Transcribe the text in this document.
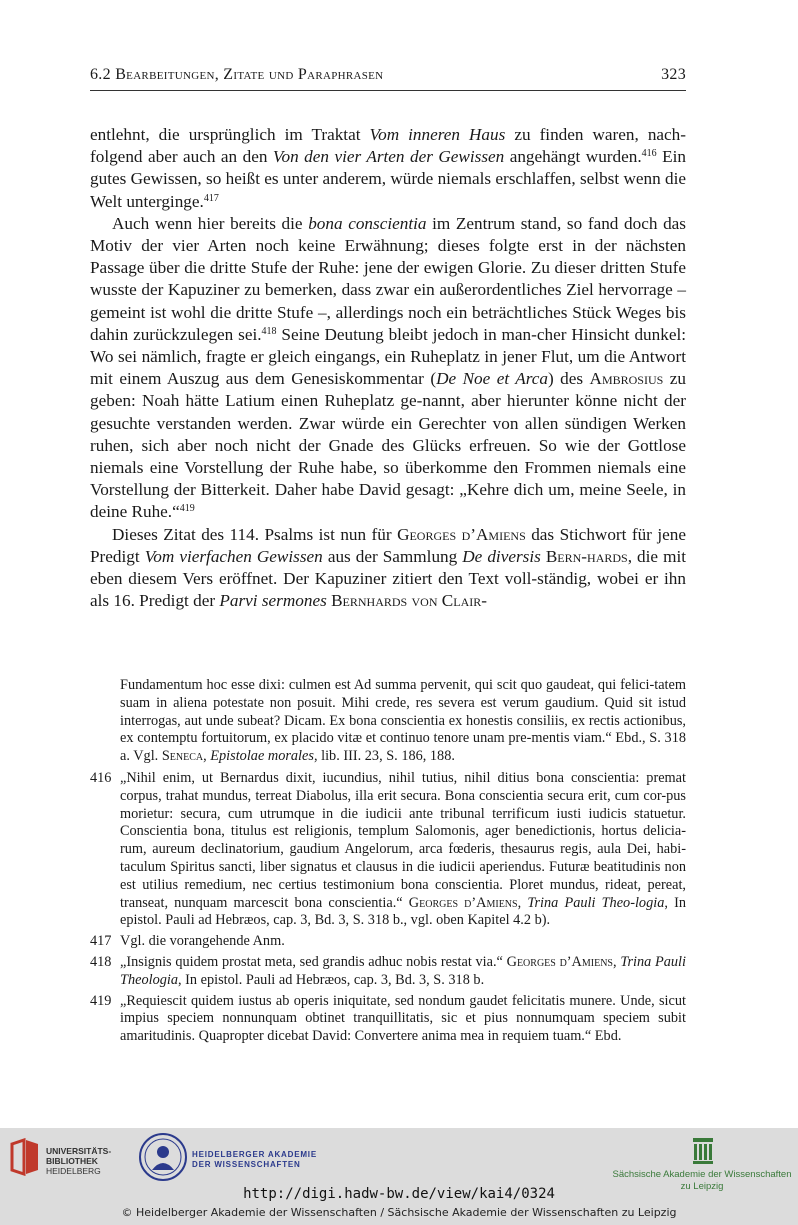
6.2 Bearbeitungen, Zitate und Paraphrasen	323

entlehnt, die ursprünglich im Traktat Vom inneren Haus zu finden waren, nach-folgend aber auch an den Von den vier Arten der Gewissen angehängt wurden.$^{416}$ Ein gutes Gewissen, so heißt es unter anderem, würde niemals erschlaffen, selbst wenn die Welt unterginge.$^{417}$

Auch wenn hier bereits die bona conscientia im Zentrum stand, so fand doch das Motiv der vier Arten noch keine Erwähnung; dieses folgte erst in der nächsten Passage über die dritte Stufe der Ruhe: jene der ewigen Glorie. Zu dieser dritten Stufe wusste der Kapuziner zu bemerken, dass zwar ein außerordentliches Ziel hervorrage – gemeint ist wohl die dritte Stufe –, allerdings noch ein beträchtliches Stück Weges bis dahin zurückzulegen sei.$^{418}$ Seine Deutung bleibt jedoch in man-cher Hinsicht dunkel: Wo sei nämlich, fragte er gleich eingangs, ein Ruheplatz in jener Flut, um die Antwort mit einem Auszug aus dem Genesiskommentar (De Noe et Arca) des Ambrosius zu geben: Noah hätte Latium einen Ruheplatz ge-nannt, aber hierunter könne nicht der gesuchte verstanden werden. Zwar würde ein Gerechter von allen sündigen Werken ruhen, sich aber noch nicht der Gnade des Glücks erfreuen. So wie der Gottlose niemals eine Vorstellung der Ruhe habe, so überkomme den Frommen niemals eine Vorstellung der Bitterkeit. Daher habe David gesagt: „Kehre dich um, meine Seele, in deine Ruhe.“$^{419}$

Dieses Zitat des 114. Psalms ist nun für Georges d’Amiens das Stichwort für jene Predigt Vom vierfachen Gewissen aus der Sammlung De diversis Bern-hards, die mit eben diesem Vers eröffnet. Der Kapuziner zitiert den Text voll-ständig, wobei er ihn als 16. Predigt der Parvi sermones Bernhards von Clair-

Fundamentum hoc esse dixi: culmen est Ad summa pervenit, qui scit quo gaudeat, qui felici-tatem suam in aliena potestate non posuit. Mihi crede, res severa est verum gaudium. Quid sit istud interrogas, aut unde subeat? Dicam. Ex bona conscientia ex honestis consiliis, ex rectis actionibus, ex contemptu fortuitorum, ex placido vitæ et continuo tenore unam pre-mentis viam.“ Ebd., S. 318 a. Vgl. Seneca, Epistolae morales, lib. III. 23, S. 186, 188.
416 „Nihil enim, ut Bernardus dixit, iucundius, nihil tutius, nihil ditius bona conscientia: premat corpus, trahat mundus, terreat Diabolus, illa erit secura. Bona conscientia secura erit, cum cor-pus morietur: secura, cum utrumque in die iudicii ante tribunal terrificum iusti iudicis statuetur. Conscientia bona, titulus est religionis, templum Salomonis, ager benedictionis, hortus delicia-rum, aureum declinatorium, gaudium Angelorum, arca fœderis, thesaurus regis, aula Dei, habi-taculum Spiritus sancti, liber signatus et clausus in die iudicii aperiendus. Futuræ beatitudinis non est utilius remedium, nec certius testimonium bona conscientia. Ploret mundus, rideat, pereat, transeat, nunquam marcescit bona conscientia.“ Georges d’Amiens, Trina Pauli Theo-logia, In epistol. Pauli ad Hebræos, cap. 3, Bd. 3, S. 318 b., vgl. oben Kapitel 4.2 b).
417 Vgl. die vorangehende Anm.
418 „Insignis quidem prostat meta, sed grandis adhuc nobis restat via.“ Georges d’Amiens, Trina Pauli Theologia, In epistol. Pauli ad Hebræos, cap. 3, Bd. 3, S. 318 b.
419 „Requiescit quidem iustus ab operis iniquitate, sed nondum gaudet felicitatis munere. Unde, sicut impius speciem nonnunquam obtinet tranquillitatis, sic et pius nonnumquam speciem subit amaritudinis. Quapropter dicebat David: Convertere anima mea in requiem tuam.“ Ebd.
UNIVERSITÄTS-
BIBLIOTHEK
HEIDELBERG
HEIDELBERGER AKADEMIE
DER WISSENSCHAFTEN
Sächsische Akademie der Wissenschaften
zu Leipzig
http://digi.hadw-bw.de/view/kai4/0324
© Heidelberger Akademie der Wissenschaften / Sächsische Akademie der Wissenschaften zu Leipzig
